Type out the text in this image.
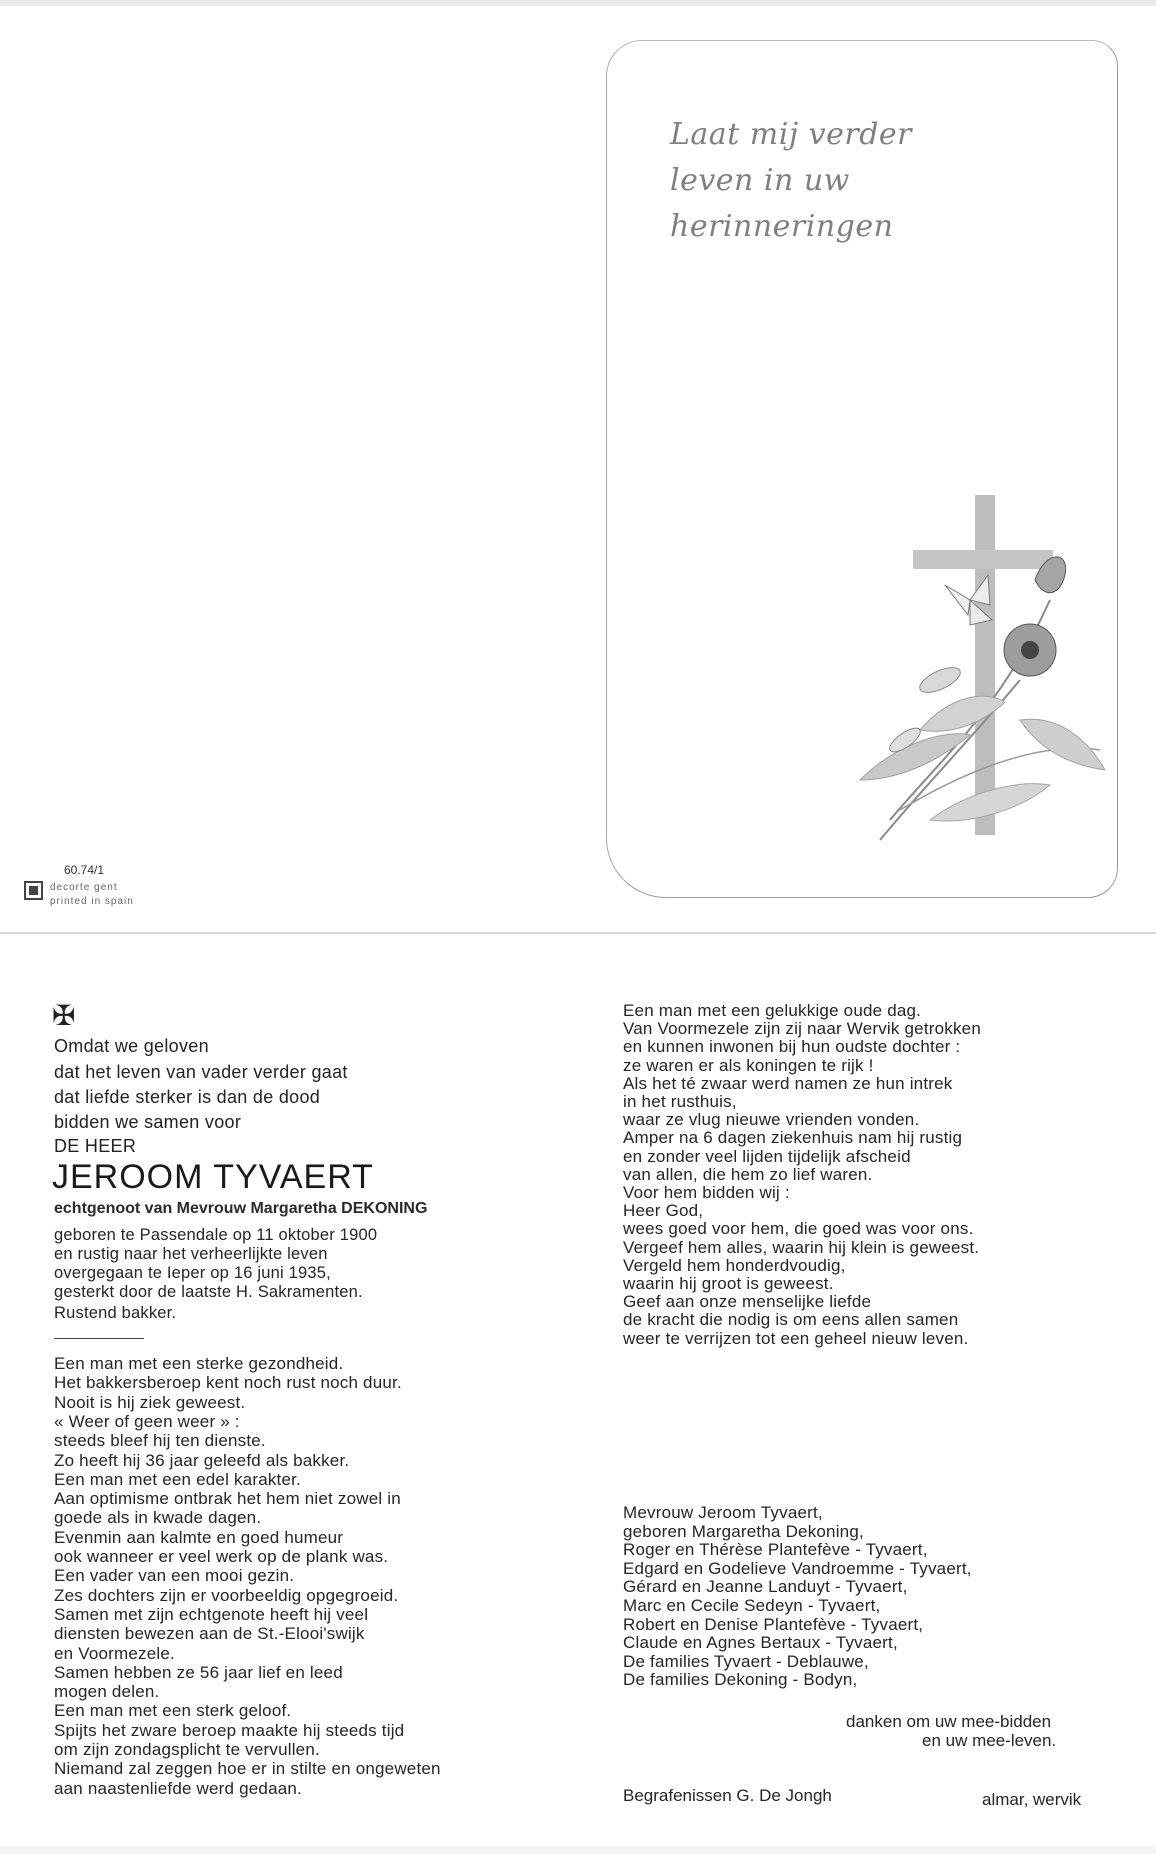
Laat mij verder
leven in uw
herinneringen
60.74/1
decorte gent
printed in spain
✠

Omdat we geloven

dat het leven van vader verder gaat

dat liefde sterker is dan de dood

bidden we samen voor

DE HEER

JEROOM TYVAERT

echtgenoot van Mevrouw Margaretha DEKONING

geboren te Passendale op 11 oktober 1900

en rustig naar het verheerlijkte leven

overgegaan te Ieper op 16 juni 1935,

gesterkt door de laatste H. Sakramenten.

Rustend bakker.

Een man met een sterke gezondheid.

Het bakkersberoep kent noch rust noch duur.

Nooit is hij ziek geweest.

« Weer of geen weer » :

steeds bleef hij ten dienste.

Zo heeft hij 36 jaar geleefd als bakker.

Een man met een edel karakter.

Aan optimisme ontbrak het hem niet zowel in

goede als in kwade dagen.

Evenmin aan kalmte en goed humeur

ook wanneer er veel werk op de plank was.

Een vader van een mooi gezin.

Zes dochters zijn er voorbeeldig opgegroeid.

Samen met zijn echtgenote heeft hij veel

diensten bewezen aan de St.-Elooi'swijk

en Voormezele.

Samen hebben ze 56 jaar lief en leed

mogen delen.

Een man met een sterk geloof.

Spijts het zware beroep maakte hij steeds tijd

om zijn zondagsplicht te vervullen.

Niemand zal zeggen hoe er in stilte en ongeweten

aan naastenliefde werd gedaan.

Een man met een gelukkige oude dag.

Van Voormezele zijn zij naar Wervik getrokken

en kunnen inwonen bij hun oudste dochter :

ze waren er als koningen te rijk !

Als het té zwaar werd namen ze hun intrek

in het rusthuis,

waar ze vlug nieuwe vrienden vonden.

Amper na 6 dagen ziekenhuis nam hij rustig

en zonder veel lijden tijdelijk afscheid

van allen, die hem zo lief waren.

Voor hem bidden wij :

Heer God,

wees goed voor hem, die goed was voor ons.

Vergeef hem alles, waarin hij klein is geweest.

Vergeld hem honderdvoudig,

waarin hij groot is geweest.

Geef aan onze menselijke liefde

de kracht die nodig is om eens allen samen

weer te verrijzen tot een geheel nieuw leven.

Mevrouw Jeroom Tyvaert,

geboren Margaretha Dekoning,

Roger en Thérèse Plantefève - Tyvaert,

Edgard en Godelieve Vandroemme - Tyvaert,

Gérard en Jeanne Landuyt - Tyvaert,

Marc en Cecile Sedeyn - Tyvaert,

Robert en Denise Plantefève - Tyvaert,

Claude en Agnes Bertaux - Tyvaert,

De families Tyvaert - Deblauwe,

De families Dekoning - Bodyn,

danken om uw mee-bidden

en uw mee-leven.

Begrafenissen G. De Jongh	almar, wervik
